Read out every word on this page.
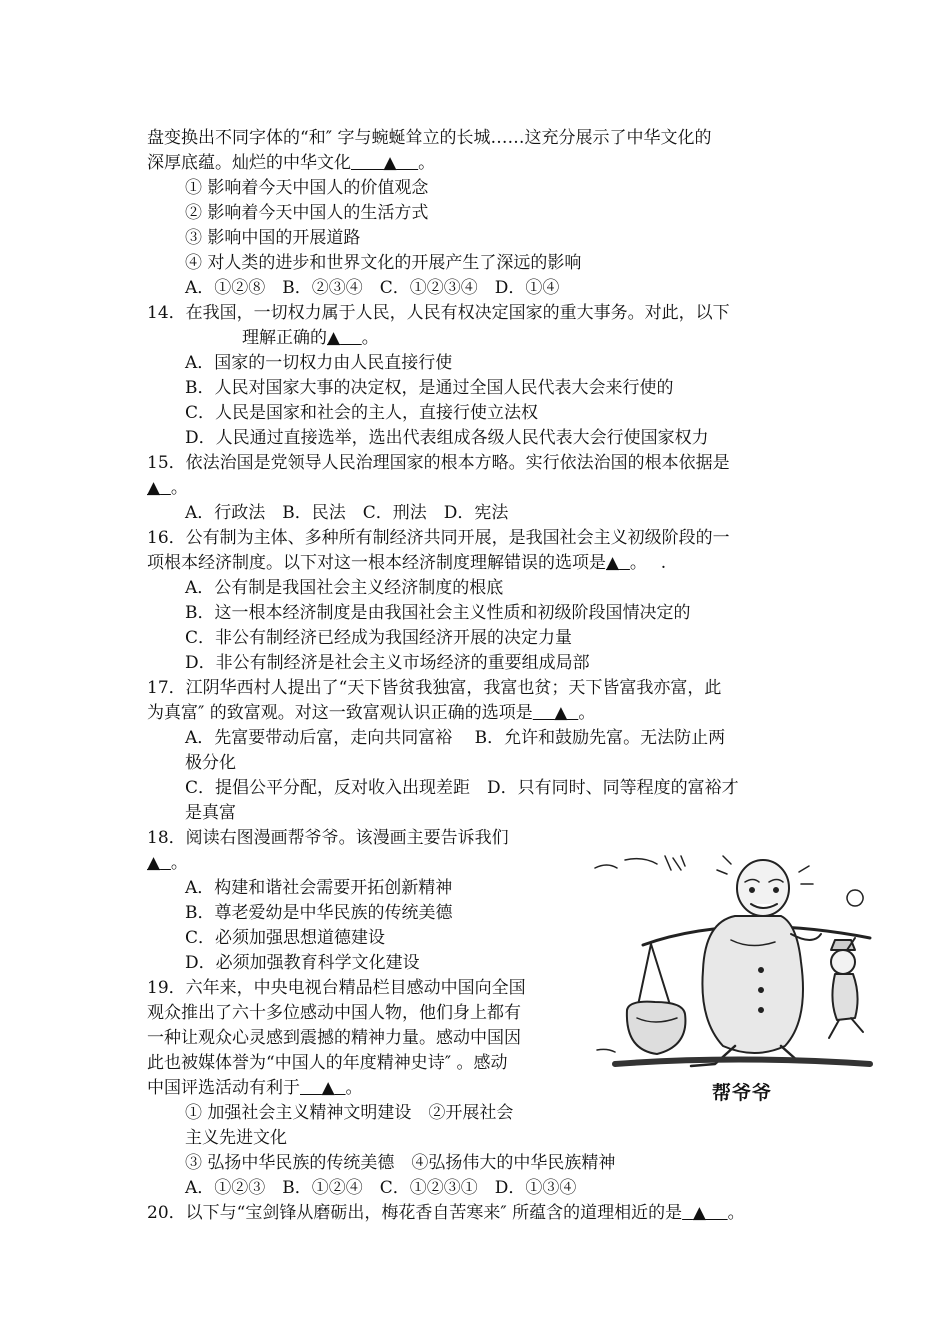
盘变换出不同字体的“和″ 字与蜿蜒耸立的长城……这充分展示了中华文化的
深厚底蕴。灿烂的中华文化    ▲   。
① 影响着今天中国人的价值观念
② 影响着今天中国人的生活方式
③ 影响中国的开展道路
④ 对人类的进步和世界文化的开展产生了深远的影响
A．①②⑧　B．②③④　C．①②③④　D．①④
14．在我国，一切权力属于人民，人民有权决定国家的重大事务。对此，以下
理解正确的▲   。
A．国家的一切权力由人民直接行使
B．人民对国家大事的决定权，是通过全国人民代表大会来行使的
C．人民是国家和社会的主人，直接行使立法权
D．人民通过直接选举，选出代表组成各级人民代表大会行使国家权力
15．依法治国是党领导人民治理国家的根本方略。实行依法治国的根本依据是
▲  。
A．行政法　B．民法　C．刑法　D．宪法
16．公有制为主体、多种所有制经济共同开展，是我国社会主义初级阶段的一
项根本经济制度。以下对这一根本经济制度理解错误的选项是▲  。　 .
A．公有制是我国社会主义经济制度的根底
B．这一根本经济制度是由我国社会主义性质和初级阶段国情决定的
C．非公有制经济已经成为我国经济开展的决定力量
D．非公有制经济是社会主义市场经济的重要组成局部
17．江阴华西村人提出了“天下皆贫我独富，我富也贫；天下皆富我亦富，此
为真富″ 的致富观。对这一致富观认识正确的选项是   ▲  。
A．先富要带动后富，走向共同富裕　 B．允许和鼓励先富。无法防止两
极分化
C．提倡公平分配，反对收入出现差距　D．只有同时、同等程度的富裕才
是真富
18．阅读右图漫画帮爷爷。该漫画主要告诉我们
▲  。
A．构建和谐社会需要开拓创新精神
B．尊老爱幼是中华民族的传统美德
C．必须加强思想道德建设
D．必须加强教育科学文化建设
19．六年来，中央电视台精品栏目感动中国向全国
观众推出了六十多位感动中国人物，他们身上都有
一种让观众心灵感到震撼的精神力量。感动中国因
此也被媒体誉为“中国人的年度精神史诗″ 。感动
中国评选活动有利于   ▲  。
① 加强社会主义精神文明建设　②开展社会
主义先进文化
③ 弘扬中华民族的传统美德　④弘扬伟大的中华民族精神
A．①②③　B．①②④　C．①②③①　D．①③④
20．以下与“宝剑锋从磨砺出，梅花香自苦寒来″ 所蕴含的道理相近的是  ▲   。
帮爷爷
